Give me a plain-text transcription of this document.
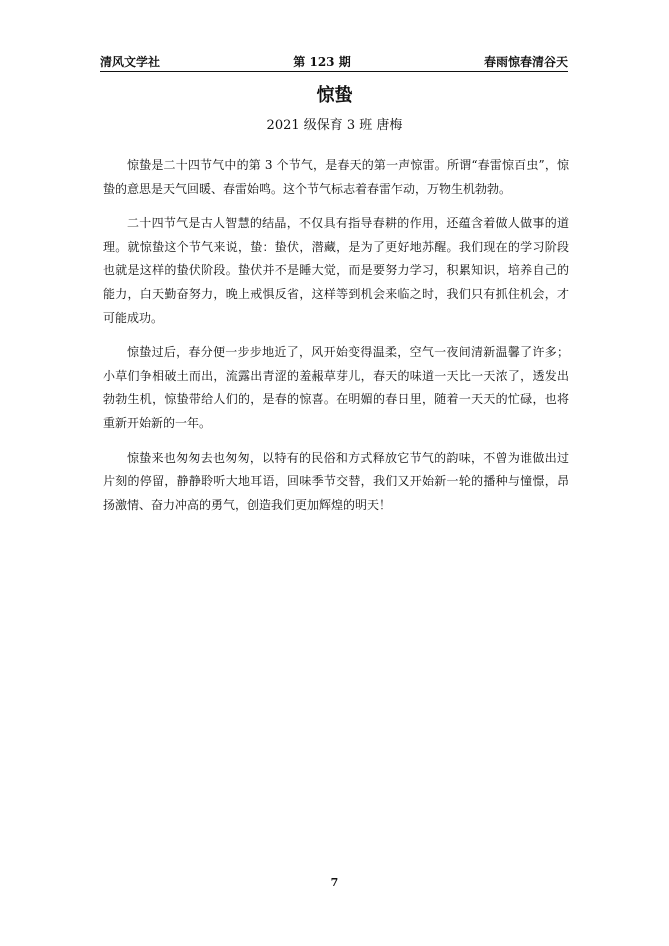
清风文学社	第 123 期	春雨惊春清谷天
惊蛰
2021 级保育 3 班 唐梅

惊蛰是二十四节气中的第 3 个节气，是春天的第一声惊雷。所谓“春雷惊百虫”，惊蛰的意思是天气回暖、春雷始鸣。这个节气标志着春雷乍动，万物生机勃勃。

二十四节气是古人智慧的结晶，不仅具有指导春耕的作用，还蕴含着做人做事的道理。就惊蛰这个节气来说，蛰：蛰伏，潜藏，是为了更好地苏醒。我们现在的学习阶段也就是这样的蛰伏阶段。蛰伏并不是睡大觉，而是要努力学习，积累知识，培养自己的能力，白天勤奋努力，晚上戒惧反省，这样等到机会来临之时，我们只有抓住机会，才可能成功。

惊蛰过后，春分便一步步地近了，风开始变得温柔，空气一夜间清新温馨了许多；小草们争相破土而出，流露出青涩的羞赧草芽儿，春天的味道一天比一天浓了，透发出勃勃生机，惊蛰带给人们的，是春的惊喜。在明媚的春日里，随着一天天的忙碌，也将重新开始新的一年。

惊蛰来也匆匆去也匆匆，以特有的民俗和方式释放它节气的韵味，不曾为谁做出过片刻的停留，静静聆听大地耳语，回味季节交替，我们又开始新一轮的播种与憧憬，昂扬激情、奋力冲高的勇气，创造我们更加辉煌的明天！

7
